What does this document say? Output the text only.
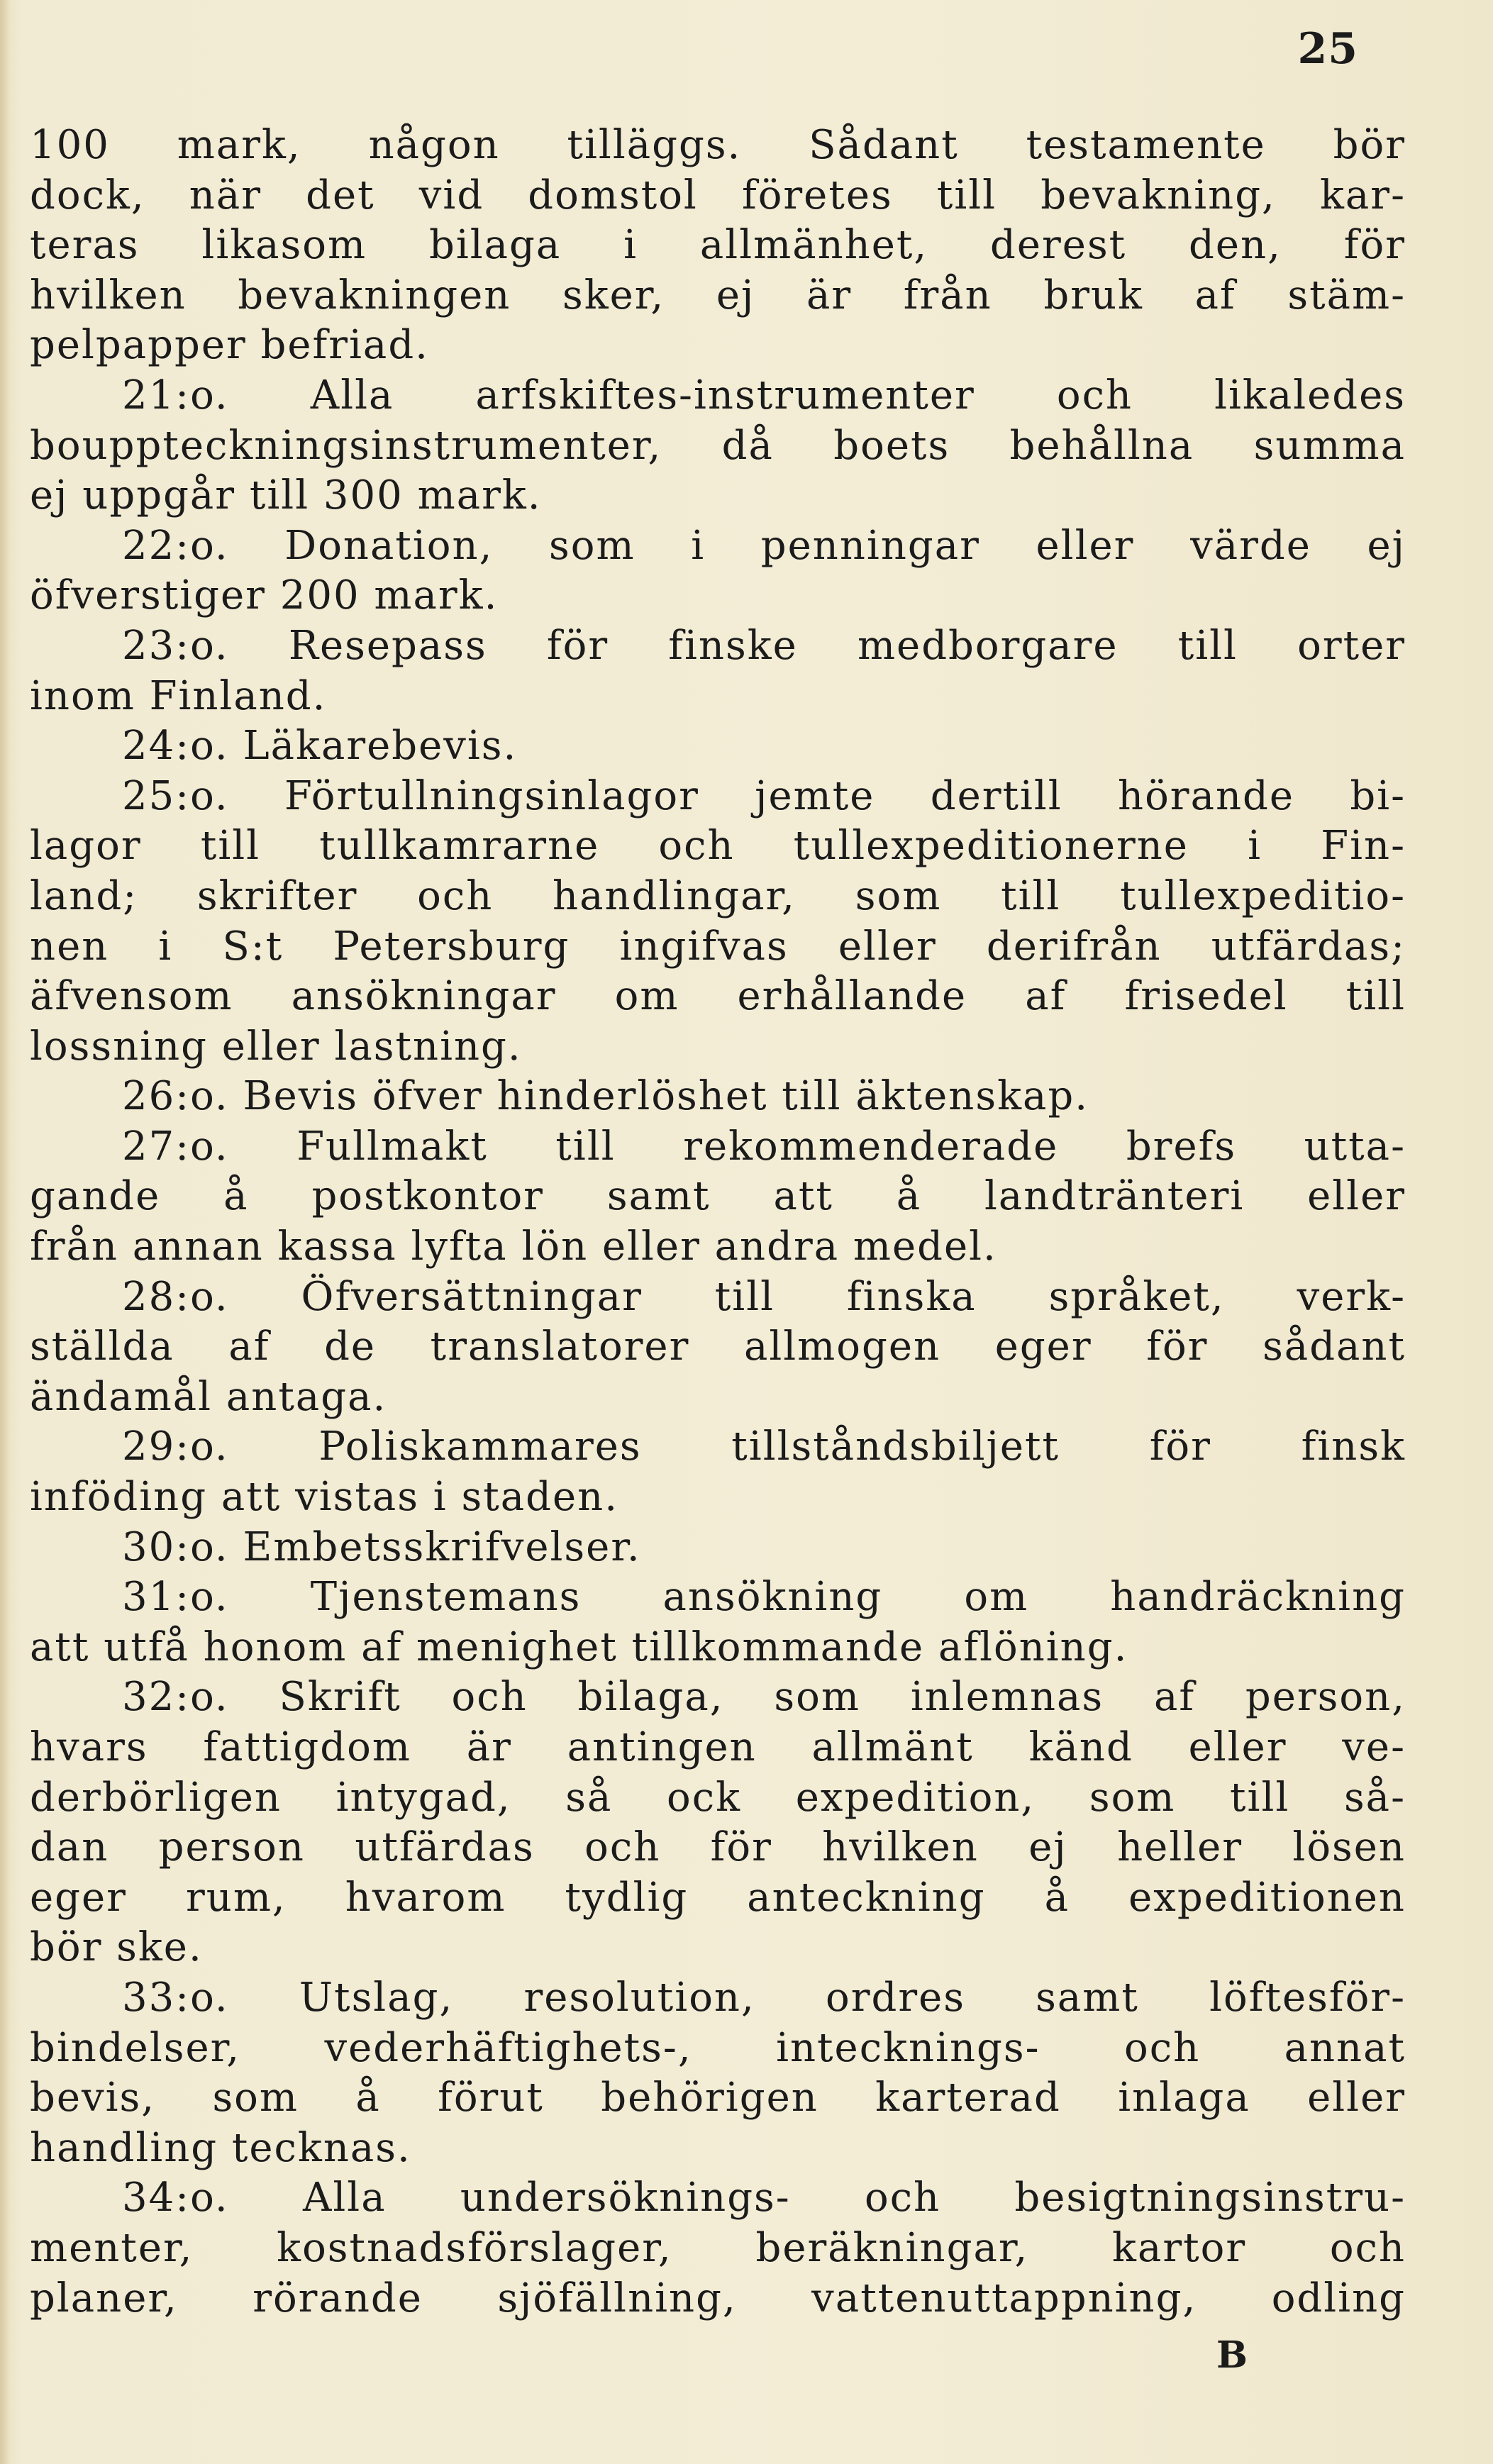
25
100 mark, någon tilläggs. Sådant testamente bör
dock, när det vid domstol företes till bevakning, kar-
teras likasom bilaga i allmänhet, derest den, för
hvilken bevakningen sker, ej är från bruk af stäm-
pelpapper befriad.
21:o. Alla arfskiftes-instrumenter och likaledes
bouppteckningsinstrumenter, då boets behållna summa
ej uppgår till 300 mark.
22:o. Donation, som i penningar eller värde ej
öfverstiger 200 mark.
23:o. Resepass för finske medborgare till orter
inom Finland.
24:o. Läkarebevis.
25:o. Förtullningsinlagor jemte dertill hörande bi-
lagor till tullkamrarne och tullexpeditionerne i Fin-
land; skrifter och handlingar, som till tullexpeditio-
nen i S:t Petersburg ingifvas eller derifrån utfärdas;
äfvensom ansökningar om erhållande af frisedel till
lossning eller lastning.
26:o. Bevis öfver hinderlöshet till äktenskap.
27:o. Fullmakt till rekommenderade brefs utta-
gande å postkontor samt att å landtränteri eller
från annan kassa lyfta lön eller andra medel.
28:o. Öfversättningar till finska språket, verk-
ställda af de translatorer allmogen eger för sådant
ändamål antaga.
29:o. Poliskammares tillståndsbiljett för finsk
inföding att vistas i staden.
30:o. Embetsskrifvelser.
31:o. Tjenstemans ansökning om handräckning
att utfå honom af menighet tillkommande aflöning.
32:o. Skrift och bilaga, som inlemnas af person,
hvars fattigdom är antingen allmänt känd eller ve-
derbörligen intygad, så ock expedition, som till så-
dan person utfärdas och för hvilken ej heller lösen
eger rum, hvarom tydlig anteckning å expeditionen
bör ske.
33:o. Utslag, resolution, ordres samt löftesför-
bindelser, vederhäftighets-, intecknings- och annat
bevis, som å förut behörigen karterad inlaga eller
handling tecknas.
34:o. Alla undersöknings- och besigtningsinstru-
menter, kostnadsförslager, beräkningar, kartor och
planer, rörande sjöfällning, vattenuttappning, odling
B
